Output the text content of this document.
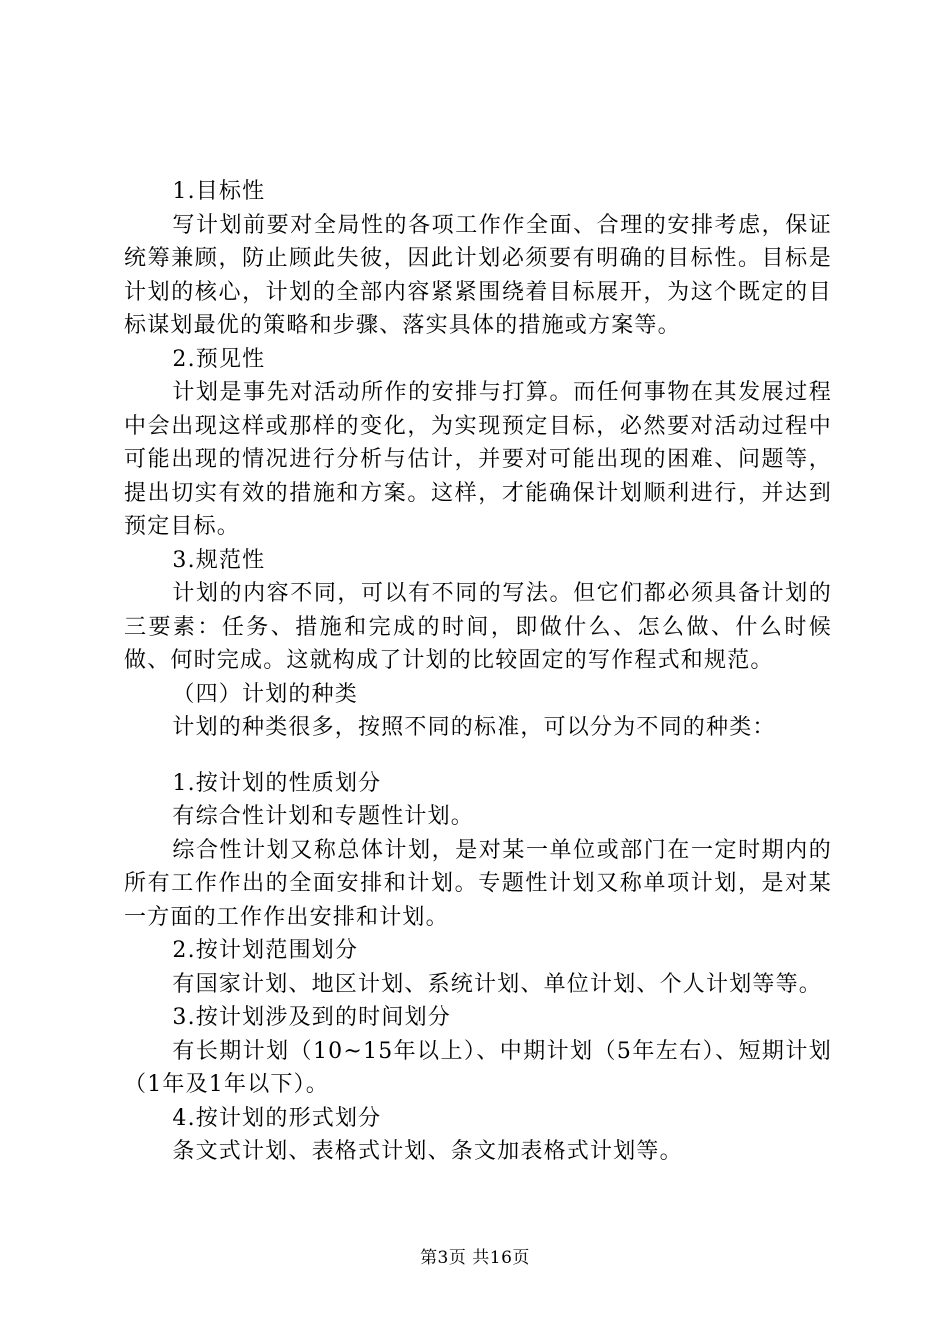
1.目标性
写计划前要对全局性的各项工作作全面、合理的安排考虑，保证统筹兼顾，防止顾此失彼，因此计划必须要有明确的目标性。目标是计划的核心，计划的全部内容紧紧围绕着目标展开，为这个既定的目标谋划最优的策略和步骤、落实具体的措施或方案等。
2.预见性
计划是事先对活动所作的安排与打算。而任何事物在其发展过程中会出现这样或那样的变化，为实现预定目标，必然要对活动过程中可能出现的情况进行分析与估计，并要对可能出现的困难、问题等，提出切实有效的措施和方案。这样，才能确保计划顺利进行，并达到预定目标。
3.规范性
计划的内容不同，可以有不同的写法。但它们都必须具备计划的三要素：任务、措施和完成的时间，即做什么、怎么做、什么时候做、何时完成。这就构成了计划的比较固定的写作程式和规范。
（四）计划的种类
计划的种类很多，按照不同的标准，可以分为不同的种类：
1.按计划的性质划分
有综合性计划和专题性计划。
综合性计划又称总体计划，是对某一单位或部门在一定时期内的所有工作作出的全面安排和计划。专题性计划又称单项计划，是对某一方面的工作作出安排和计划。
2.按计划范围划分
有国家计划、地区计划、系统计划、单位计划、个人计划等等。
3.按计划涉及到的时间划分
有长期计划（10~15年以上）、中期计划（5年左右）、短期计划（1年及1年以下）。
4.按计划的形式划分
条文式计划、表格式计划、条文加表格式计划等。
第3页 共16页
